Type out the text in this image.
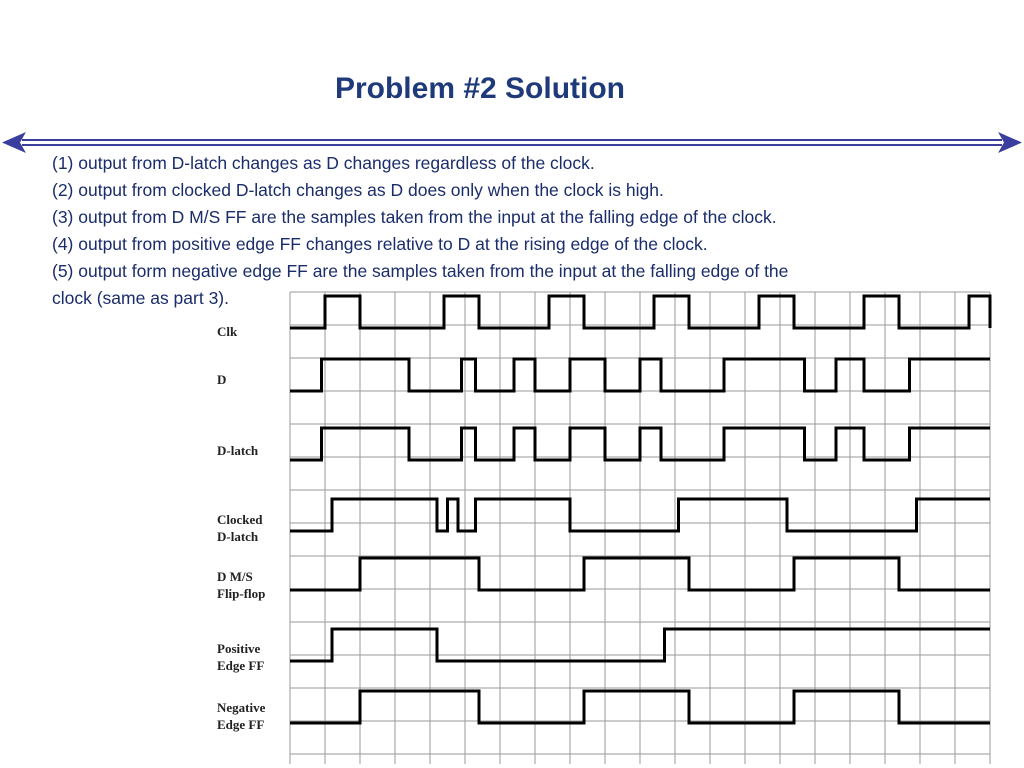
Problem #2 Solution
(1) output from D-latch changes as D changes regardless of the clock.
(2) output from clocked D-latch changes as D does only when the clock is high.
(3) output from D M/S FF are the samples taken from the input at the falling edge of the clock.
(4) output from positive edge FF changes relative to D at the rising edge of the clock.
(5) output form negative edge FF are the samples taken from the input at the falling edge of the
clock (same as part 3).
Clk
D
D-latch
Clocked
D-latch
D M/S
Flip-flop
Positive
Edge FF
Negative
Edge FF
